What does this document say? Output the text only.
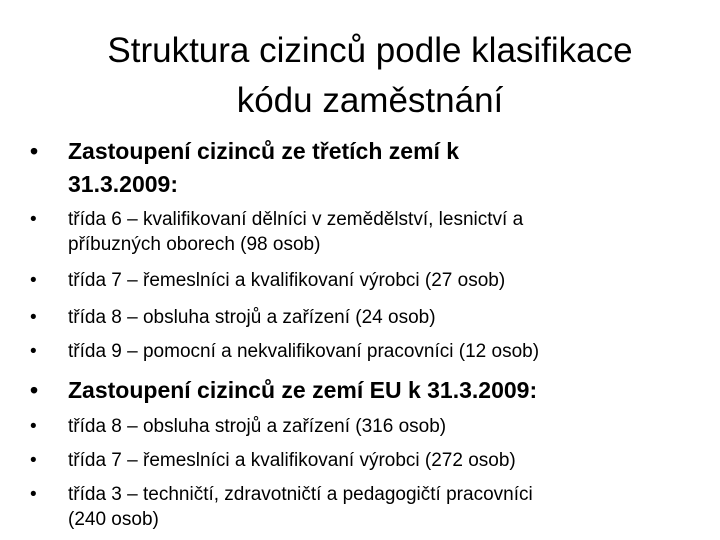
Struktura cizinců podle klasifikace
kódu zaměstnání
• Zastoupení cizinců ze třetích zemí k
31.3.2009:
• třída 6 – kvalifikovaní dělníci v zemědělství, lesnictví a
příbuzných oborech (98 osob)
• třída 7 – řemeslníci a kvalifikovaní výrobci (27 osob)
• třída 8 – obsluha strojů a zařízení (24 osob)
• třída 9 – pomocní a nekvalifikovaní pracovníci (12 osob)
• Zastoupení cizinců ze zemí EU k 31.3.2009:
• třída 8 – obsluha strojů a zařízení (316 osob)
• třída 7 – řemeslníci a kvalifikovaní výrobci (272 osob)
• třída 3 – techničtí, zdravotničtí a pedagogičtí pracovníci
(240 osob)
